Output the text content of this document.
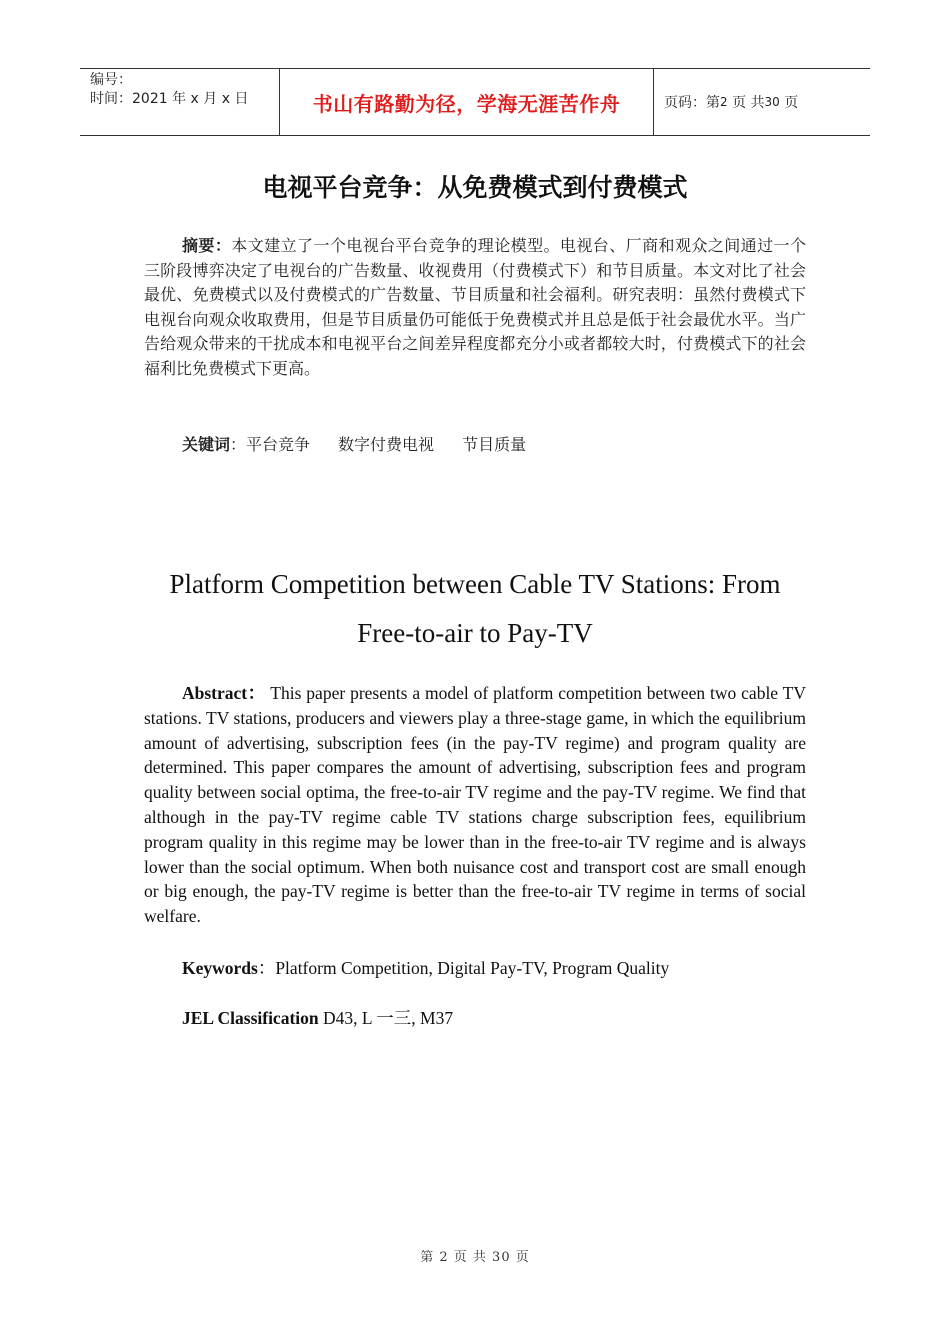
编号：
时间：2021 年 x 月 x 日	书山有路勤为径，学海无涯苦作舟	页码：第 2
页 共 30
页
电视平台竞争：从免费模式到付费模式
摘要：本文建立了一个电视台平台竞争的理论模型。电视台、厂商和观众之间通过一个三阶段博弈决定了电视台的广告数量、收视费用（付费模式下）和节目质量。本文对比了社会最优、免费模式以及付费模式的广告数量、节目质量和社会福利。研究表明：虽然付费模式下电视台向观众收取费用，但是节目质量仍可能低于免费模式并且总是低于社会最优水平。当广告给观众带来的干扰成本和电视平台之间差异程度都充分小或者都较大时，付费模式下的社会福利比免费模式下更高。
关键词：平台竞争 数字付费电视 节目质量
Platform Competition between Cable TV Stations: From
Free-to-air to Pay-TV
Abstract： This paper presents a model of platform competition between two cable TV stations. TV stations, producers and viewers play a three-stage game, in which the equilibrium amount of advertising, subscription fees (in the pay-TV regime) and program quality are determined. This paper compares the amount of advertising, subscription fees and program quality between social optima, the free-to-air TV regime and the pay-TV regime. We find that although in the pay-TV regime cable TV stations charge subscription fees, equilibrium program quality in this regime may be lower than in the free-to-air TV regime and is always lower than the social optimum. When both nuisance cost and transport cost are small enough or big enough, the pay-TV regime is better than the free-to-air TV regime in terms of social welfare.
Keywords：Platform Competition, Digital Pay-TV, Program Quality
JEL Classification D43, L 一三, M37
第 2 页 共 30 页
